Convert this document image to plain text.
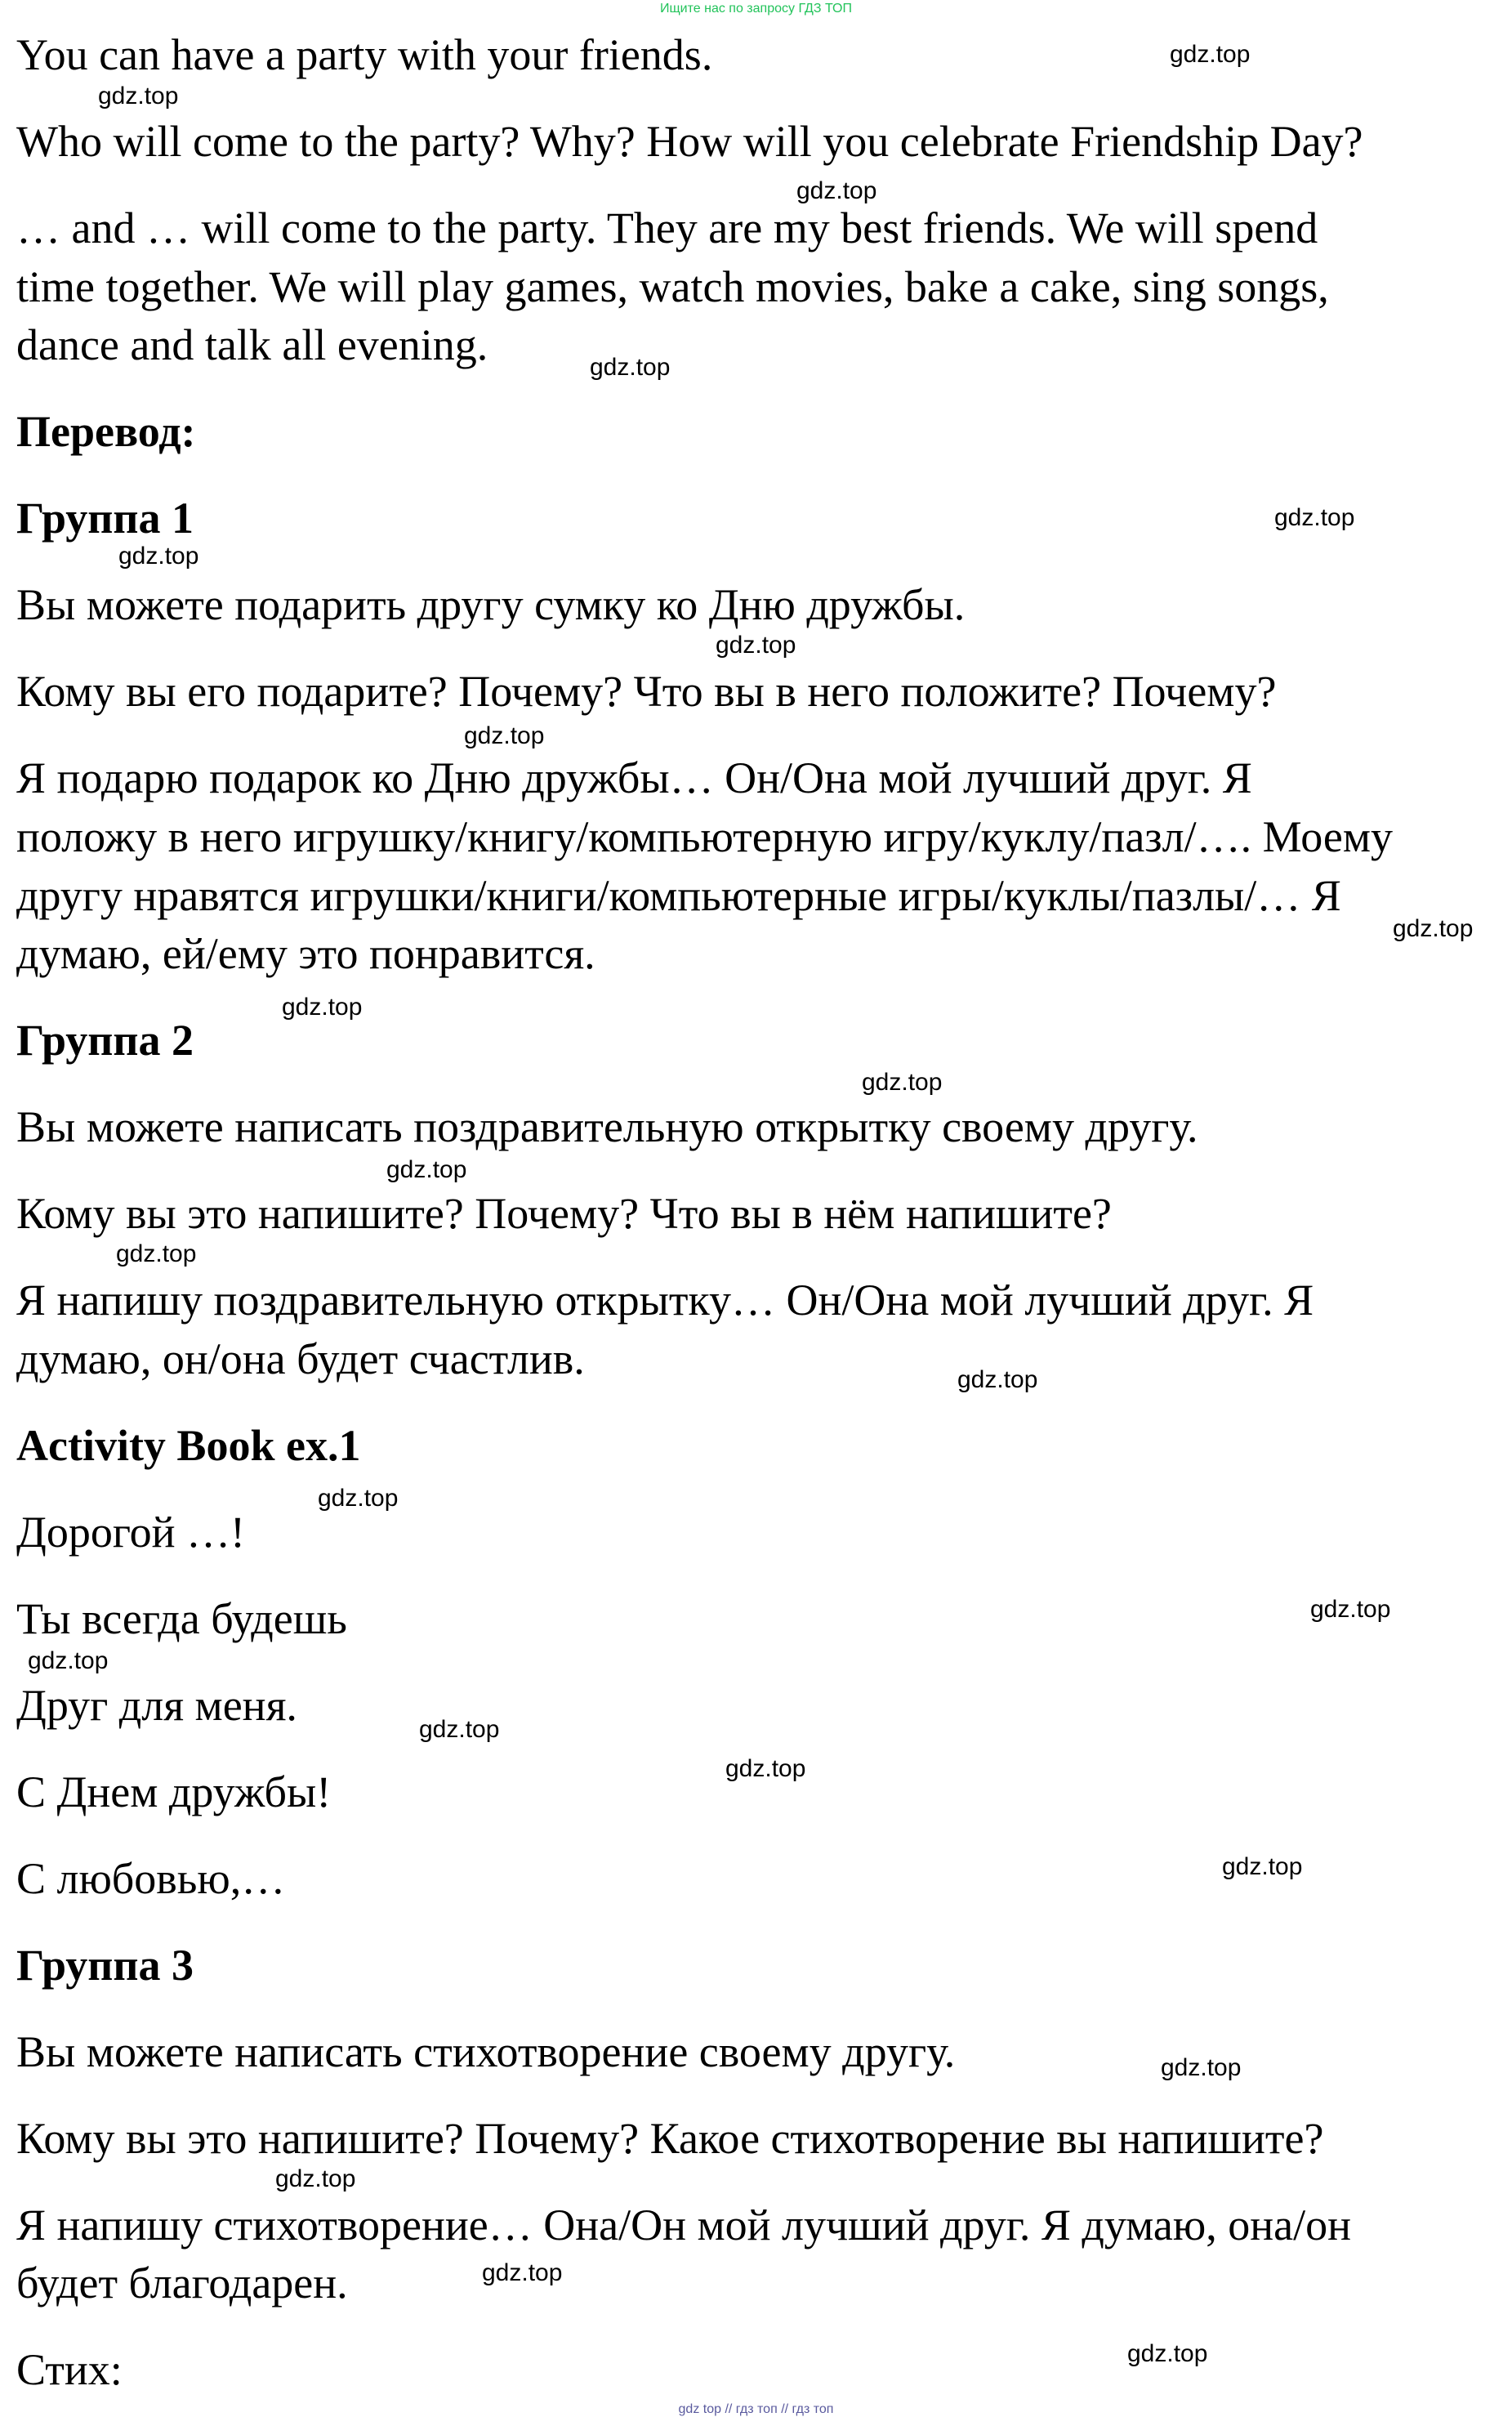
Ищите нас по запросу ГДЗ ТОП
You can have a party with your friends.
Who will come to the party? Why? How will you celebrate Friendship Day?
… and … will come to the party. They are my best friends. We will spend
time together. We will play games, watch movies, bake a cake, sing songs,
dance and talk all evening.
Перевод:
Группа 1
Вы можете подарить другу сумку ко Дню дружбы.
Кому вы его подарите? Почему? Что вы в него положите? Почему?
Я подарю подарок ко Дню дружбы… Он/Она мой лучший друг. Я
положу в него игрушку/книгу/компьютерную игру/куклу/пазл/…. Моему
другу нравятся игрушки/книги/компьютерные игры/куклы/пазлы/… Я
думаю, ей/ему это понравится.
Группа 2
Вы можете написать поздравительную открытку своему другу.
Кому вы это напишите? Почему? Что вы в нём напишите?
Я напишу поздравительную открытку… Он/Она мой лучший друг. Я
думаю, он/она будет счастлив.
Activity Book ex.1
Дорогой …!
Ты всегда будешь
Друг для меня.
С Днем дружбы!
С любовью,…
Группа 3
Вы можете написать стихотворение своему другу.
Кому вы это напишите? Почему? Какое стихотворение вы напишите?
Я напишу стихотворение… Она/Он мой лучший друг. Я думаю, она/он
будет благодарен.
Стих:
gdz.top
gdz.top
gdz.top
gdz.top
gdz.top
gdz.top
gdz.top
gdz.top
gdz.top
gdz.top
gdz.top
gdz.top
gdz.top
gdz.top
gdz.top
gdz.top
gdz.top
gdz.top
gdz.top
gdz.top
gdz.top
gdz.top
gdz.top
gdz.top
gdz top // гдз топ // гдз топ
